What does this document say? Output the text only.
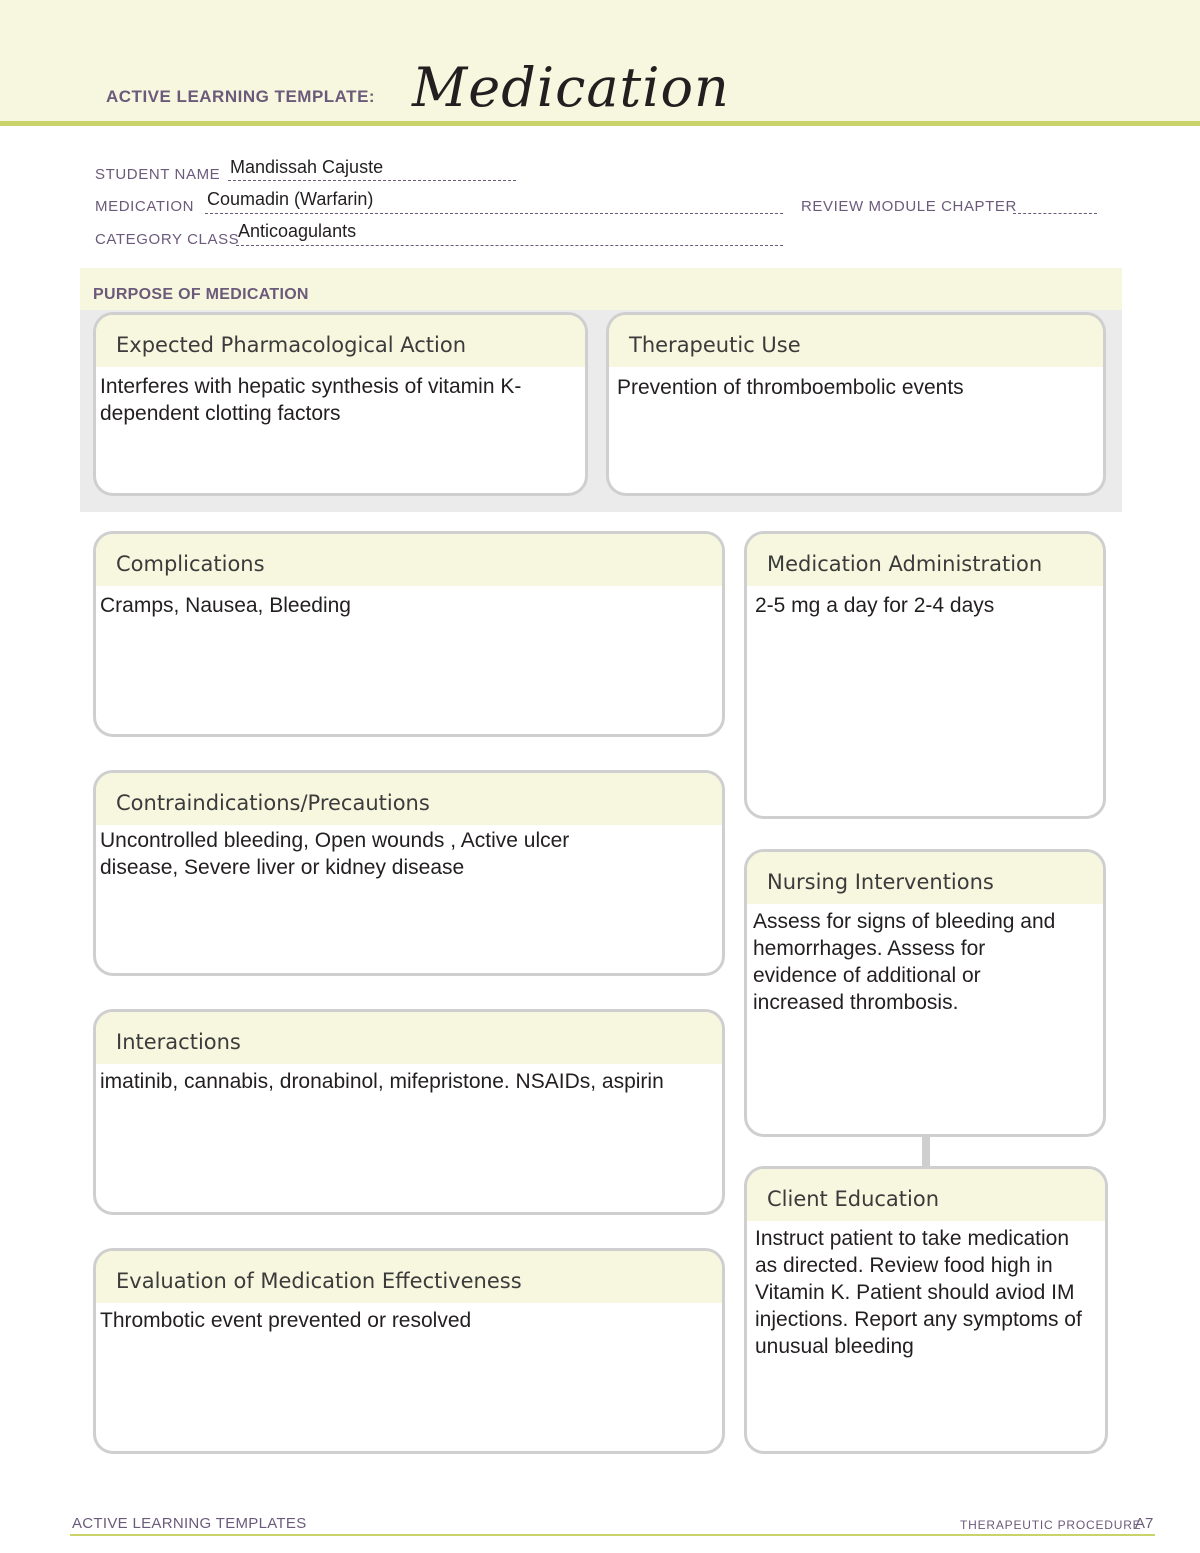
ACTIVE LEARNING TEMPLATE: Medication
STUDENT NAME Mandissah Cajuste
MEDICATION Coumadin (Warfarin)	REVIEW MODULE CHAPTER
CATEGORY CLASS
Anticoagulants
PURPOSE OF MEDICATION
Expected Pharmacological Action
Interferes with hepatic synthesis of vitamin K-dependent clotting factors
Therapeutic Use
Prevention of thromboembolic events
Complications
Cramps, Nausea, Bleeding
Contraindications/Precautions
Uncontrolled bleeding, Open wounds , Active ulcer disease, Severe liver or kidney disease
Interactions
imatinib, cannabis, dronabinol, mifepristone. NSAIDs, aspirin
Evaluation of Medication Effectiveness
Thrombotic event prevented or resolved
Medication Administration
2-5 mg a day for 2-4 days
Nursing Interventions
Assess for signs of bleeding and hemorrhages. Assess for evidence of additional or increased thrombosis.
Client Education
Instruct patient to take medication as directed. Review food high in Vitamin K. Patient should aviod IM injections. Report any symptoms of unusual bleeding
ACTIVE LEARNING TEMPLATES	THERAPEUTIC PROCEDURE
A7
